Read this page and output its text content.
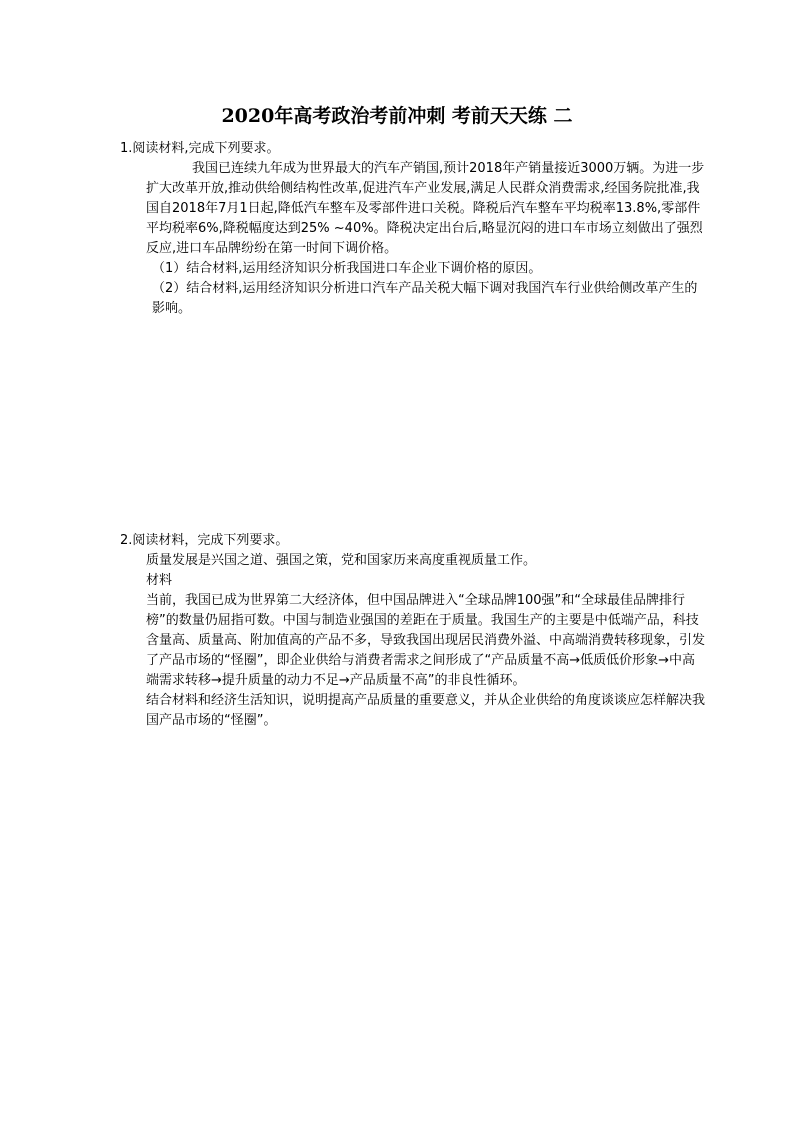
2020年高考政治考前冲刺 考前天天练 二
1.阅读材料,完成下列要求。

我国已连续九年成为世界最大的汽车产销国,预计2018年产销量接近3000万辆。为进一步扩大改革开放,推动供给侧结构性改革,促进汽车产业发展,满足人民群众消费需求,经国务院批准,我国自2018年7月1日起,降低汽车整车及零部件进口关税。降税后汽车整车平均税率13.8%,零部件平均税率6%,降税幅度达到25% ~40%。降税决定出台后,略显沉闷的进口车市场立刻做出了强烈反应,进口车品牌纷纷在第一时间下调价格。

（1）结合材料,运用经济知识分析我国进口车企业下调价格的原因。

（2）结合材料,运用经济知识分析进口汽车产品关税大幅下调对我国汽车行业供给侧改革产生的影响。

2.阅读材料，完成下列要求。

质量发展是兴国之道、强国之策，党和国家历来高度重视质量工作。

材料

当前，我国已成为世界第二大经济体，但中国品牌进入“全球品牌100强”和“全球最佳品牌排行榜”的数量仍屈指可数。中国与制造业强国的差距在于质量。我国生产的主要是中低端产品，科技含量高、质量高、附加值高的产品不多，导致我国出现居民消费外溢、中高端消费转移现象，引发了产品市场的“怪圈”，即企业供给与消费者需求之间形成了“产品质量不高→低质低价形象→中高端需求转移→提升质量的动力不足→产品质量不高”的非良性循环。

结合材料和经济生活知识，说明提高产品质量的重要意义，并从企业供给的角度谈谈应怎样解决我国产品市场的“怪圈”。
